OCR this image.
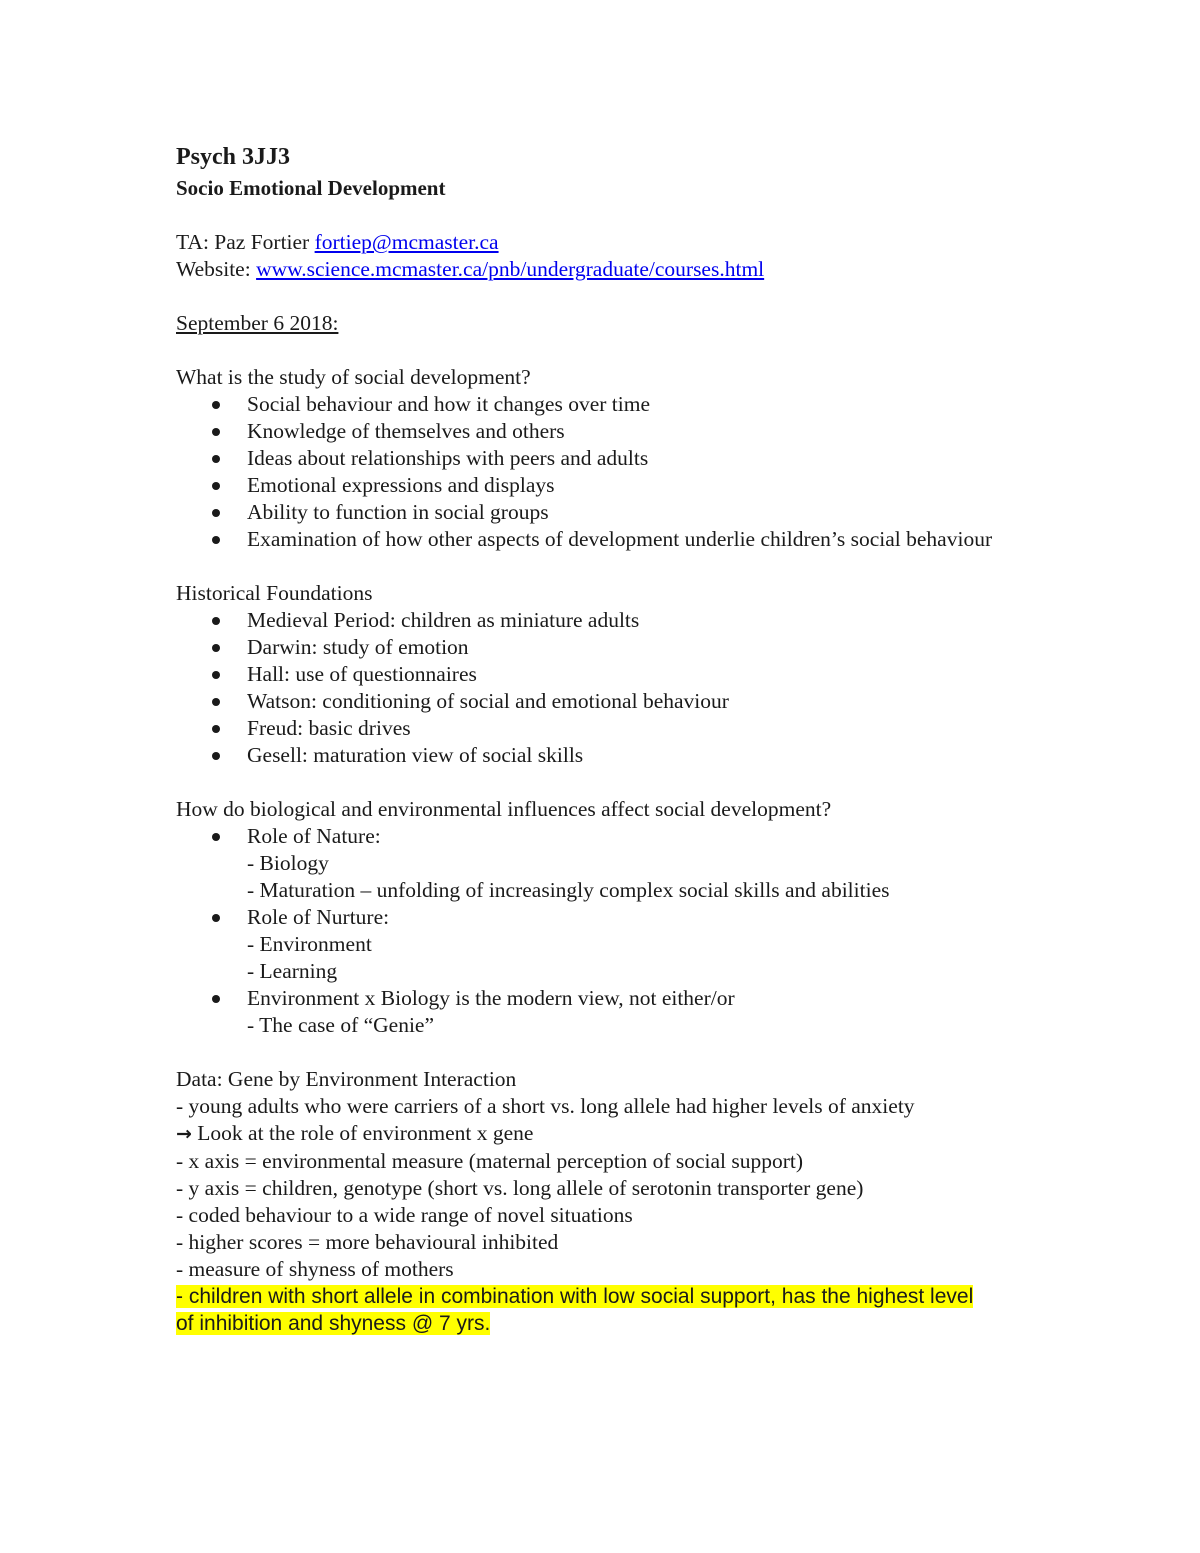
Psych 3JJ3

Socio Emotional Development

TA: Paz Fortier fortiep@mcmaster.ca

Website: www.science.mcmaster.ca/pnb/undergraduate/courses.html

September 6 2018:

What is the study of social development?

Social behaviour and how it changes over time
Knowledge of themselves and others
Ideas about relationships with peers and adults
Emotional expressions and displays
Ability to function in social groups
Examination of how other aspects of development underlie children’s social behaviour

Historical Foundations

Medieval Period: children as miniature adults
Darwin: study of emotion
Hall: use of questionnaires
Watson: conditioning of social and emotional behaviour
Freud: basic drives
Gesell: maturation view of social skills

How do biological and environmental influences affect social development?

Role of Nature:

- Biology

- Maturation – unfolding of increasingly complex social skills and abilities

Role of Nurture:

- Environment

- Learning

Environment x Biology is the modern view, not either/or

- The case of “Genie”

Data: Gene by Environment Interaction

- young adults who were carriers of a short vs. long allele had higher levels of anxiety

→ Look at the role of environment x gene

- x axis = environmental measure (maternal perception of social support)

- y axis = children, genotype (short vs. long allele of serotonin transporter gene)

- coded behaviour to a wide range of novel situations

- higher scores = more behavioural inhibited

- measure of shyness of mothers

- children with short allele in combination with low social support, has the highest level

of inhibition and shyness @ 7 yrs.
